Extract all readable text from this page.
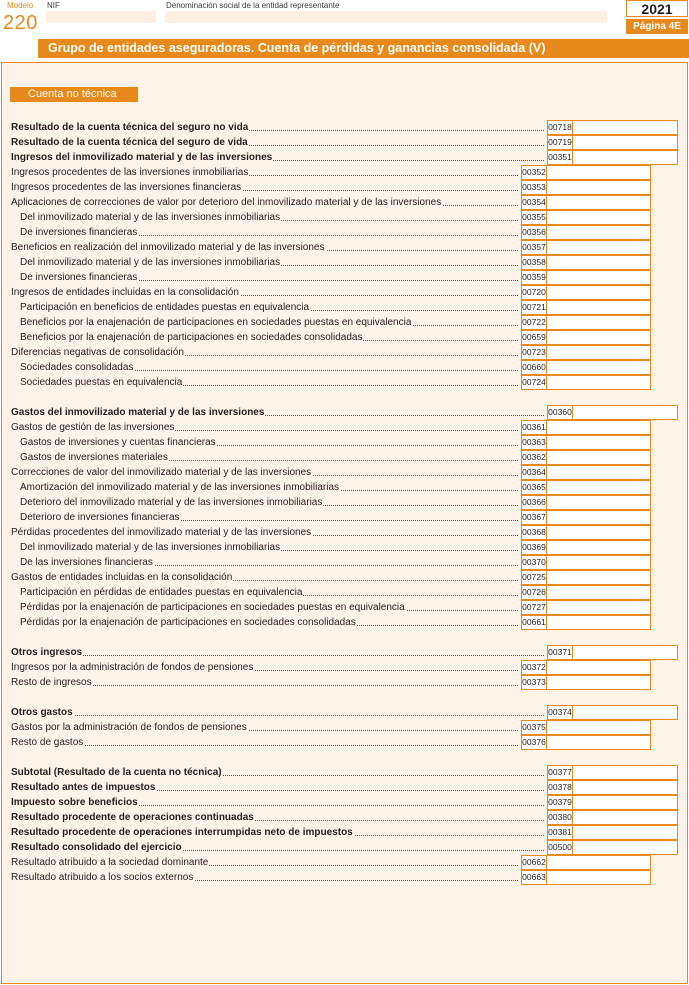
Modelo NIF	Denominación social de la entidad representante
220
2021
Página 4E
Grupo de entidades aseguradoras. Cuenta de pérdidas y ganancias consolidada (V)
Cuenta no técnica
Resultado de la cuenta técnica del seguro no vida	00718
Resultado de la cuenta técnica del seguro de vida	00719
Ingresos del inmovilizado material y de las inversiones	00351
Ingresos procedentes de las inversiones inmobiliarias	00352
Ingresos procedentes de las inversiones financieras	00353
Aplicaciones de correcciones de valor por deterioro del inmovilizado material y de las inversiones	00354
Del inmovilizado material y de las inversiones inmobiliarias	00355
De inversiones financieras	00356
Beneficios en realización del inmovilizado material y de las inversiones	00357
Del inmovilizado material y de las inversiones inmobiliarias	00358
De inversiones financieras	00359
Ingresos de entidades incluidas en la consolidación	00720
Participación en beneficios de entidades puestas en equivalencia	00721
Beneficios por la enajenación de participaciones en sociedades puestas en equivalencia	00722
Beneficios por la enajenación de participaciones en sociedades consolidadas	00659
Diferencias negativas de consolidación	00723
Sociedades consolidadas	00660
Sociedades puestas en equivalencia	00724
Gastos del inmovilizado material y de las inversiones	00360
Gastos de gestión de las inversiones	00361
Gastos de inversiones y cuentas financieras	00363
Gastos de inversiones materiales	00362
Correcciones de valor del inmovilizado material y de las inversiones	00364
Amortización del inmovilizado material y de las inversiones inmobiliarias	00365
Deterioro del inmovilizado material y de las inversiones inmobiliarias	00366
Deterioro de inversiones financieras	00367
Pérdidas procedentes del inmovilizado material y de las inversiones	00368
Del inmovilizado material y de las inversiones inmobiliarias	00369
De las inversiones financieras	00370
Gastos de entidades incluidas en la consolidación	00725
Participación en pérdidas de entidades puestas en equivalencia	00726
Pérdidas por la enajenación de participaciones en sociedades puestas en equivalencia	00727
Pérdidas por la enajenación de participaciones en sociedades consolidadas	00661
Otros ingresos	00371
Ingresos por la administración de fondos de pensiones	00372
Resto de ingresos	00373
Otros gastos	00374
Gastos por la administración de fondos de pensiones	00375
Resto de gastos	00376
Subtotal (Resultado de la cuenta no técnica)	00377
Resultado antes de impuestos	00378
Impuesto sobre beneficios	00379
Resultado procedente de operaciones continuadas	00380
Resultado procedente de operaciones interrumpidas neto de impuestos	00381
Resultado consolidado del ejercicio	00500
Resultado atribuido a la sociedad dominante	00662
Resultado atribuido a los socios externos	00663
